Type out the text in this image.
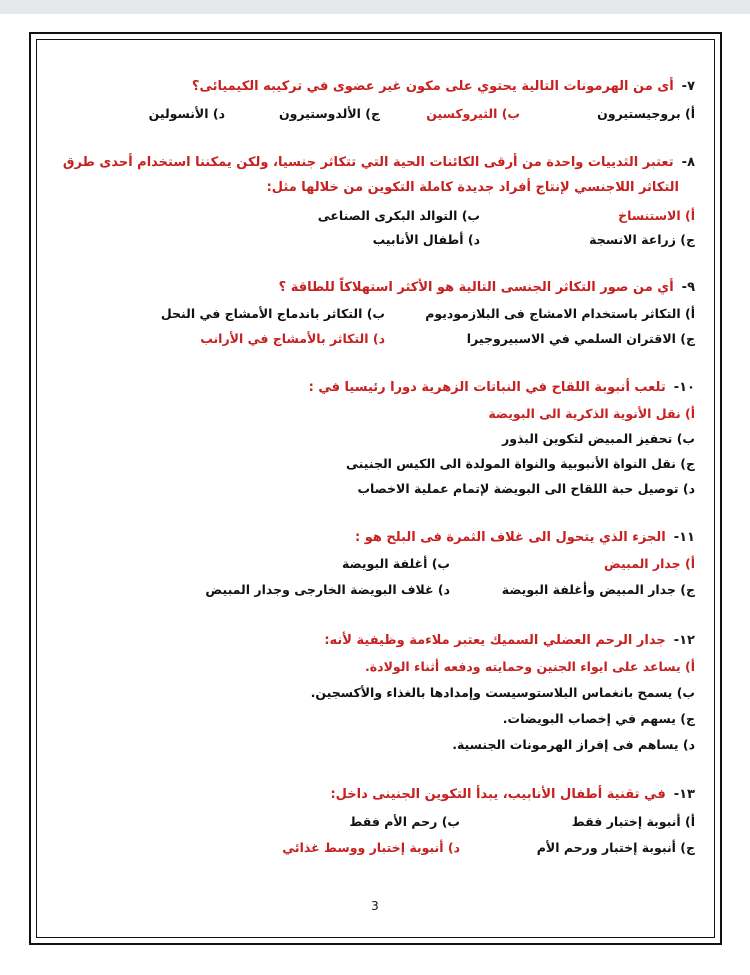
٧-أى من الهرمونات التالية يحتوي على مكون غير عضوى في تركيبه الكيميائى؟
أ) بروجيستيرون
ب) الثيروكسين
ج) الألدوستيرون
د) الأنسولين
٨-تعتبر الثدييات واحدة من أرقى الكائنات الحية التي تتكاثر جنسيا، ولكن يمكننا استخدام أحدى طرق
التكاثر اللاجنسي لإنتاج أفراد جديدة كاملة التكوين من خلالها مثل:
أ) الاستنساخ
ب) التوالد البكرى الصناعى
ج) زراعة الانسجة
د) أطفال الأنابيب
٩-أي من صور التكاثر الجنسى التالية هو الأكثر استهلاكاً للطاقة ؟
أ) التكاثر باستخدام الامشاج فى البلازموديوم
ب) التكاثر باندماج الأمشاج في النحل
ج) الاقتران السلمي في الاسبيروجيرا
د) التكاثر بالأمشاج في الأرانب
١٠-تلعب أنبوبة اللقاح في النباتات الزهرية دورا رئيسيا في :
أ) نقل الأنوية الذكرية الى البويضة
ب) تحفيز المبيض لتكوين البذور
ج) نقل النواة الأنبوبية والنواة المولدة الى الكيس الجنينى
د) توصيل حبة اللقاح الى البويضة لإتمام عملية الاخصاب
١١-الجزء الذي يتحول الى غلاف الثمرة فى البلح هو :
أ) جدار المبيض
ب) أغلفة البويضة
ج) جدار المبيض وأغلفة البويضة
د) غلاف البويضة الخارجى وجدار المبيض
١٢-جدار الرحم العضلي السميك يعتبر ملاءمة وظيفية لأنه:
أ) يساعد على ايواء الجنين وحمايته ودفعه أثناء الولادة.
ب) يسمح بانغماس البلاستوسيست وإمدادها بالغذاء والأكسجين.
ج) يسهم في إخصاب البويضات.
د) يساهم فى إفراز الهرمونات الجنسية.
١٣-في تقنية أطفال الأنابيب، يبدأ التكوين الجنينى داخل:
أ) أنبوبة إختبار فقط
ب) رحم الأم فقط
ج) أنبوبة إختبار ورحم الأم
د) أنبوبة إختبار ووسط غذائي
3
